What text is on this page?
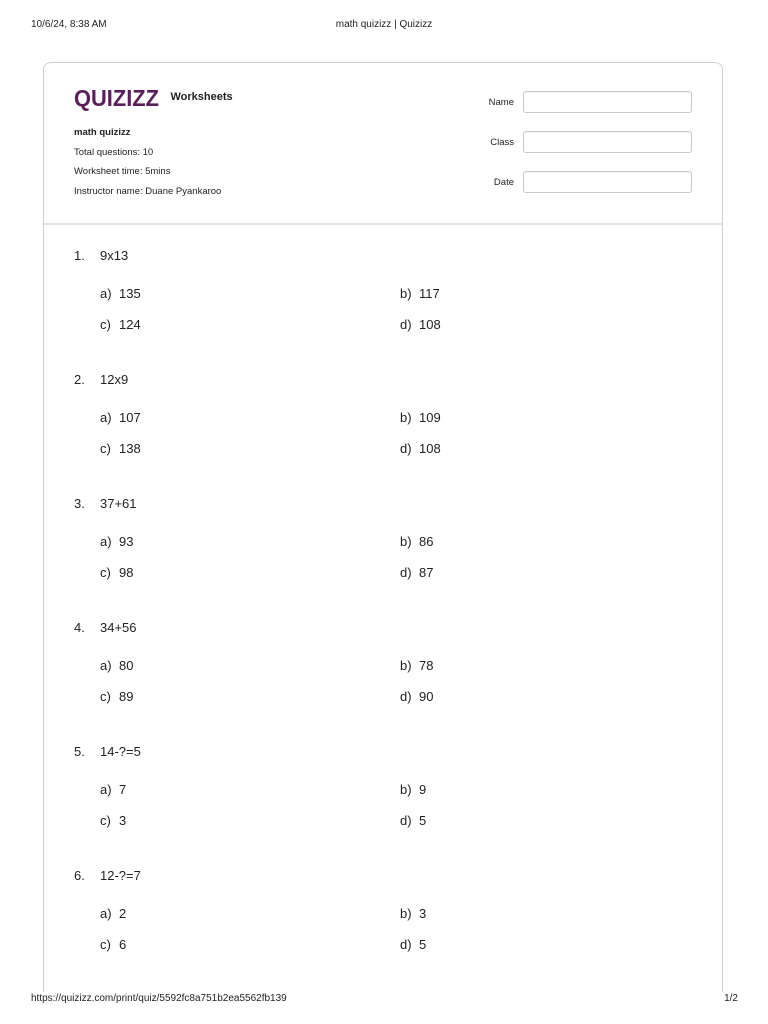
10/6/24, 8:38 AM	math quizizz | Quizizz
QUIZIZZ Worksheets
math quizizz
Total questions: 10
Worksheet time: 5mins
Instructor name: Duane Pyankaroo
Name
Class
Date
1. 9x13
a) 135	b) 117
c) 124	d) 108
2. 12x9
a) 107	b) 109
c) 138	d) 108
3. 37+61
a) 93	b) 86
c) 98	d) 87
4. 34+56
a) 80	b) 78
c) 89	d) 90
5. 14-?=5
a) 7	b) 9
c) 3	d) 5
6. 12-?=7
a) 2	b) 3
c) 6	d) 5
https://quizizz.com/print/quiz/5592fc8a751b2ea5562fb139	1/2
